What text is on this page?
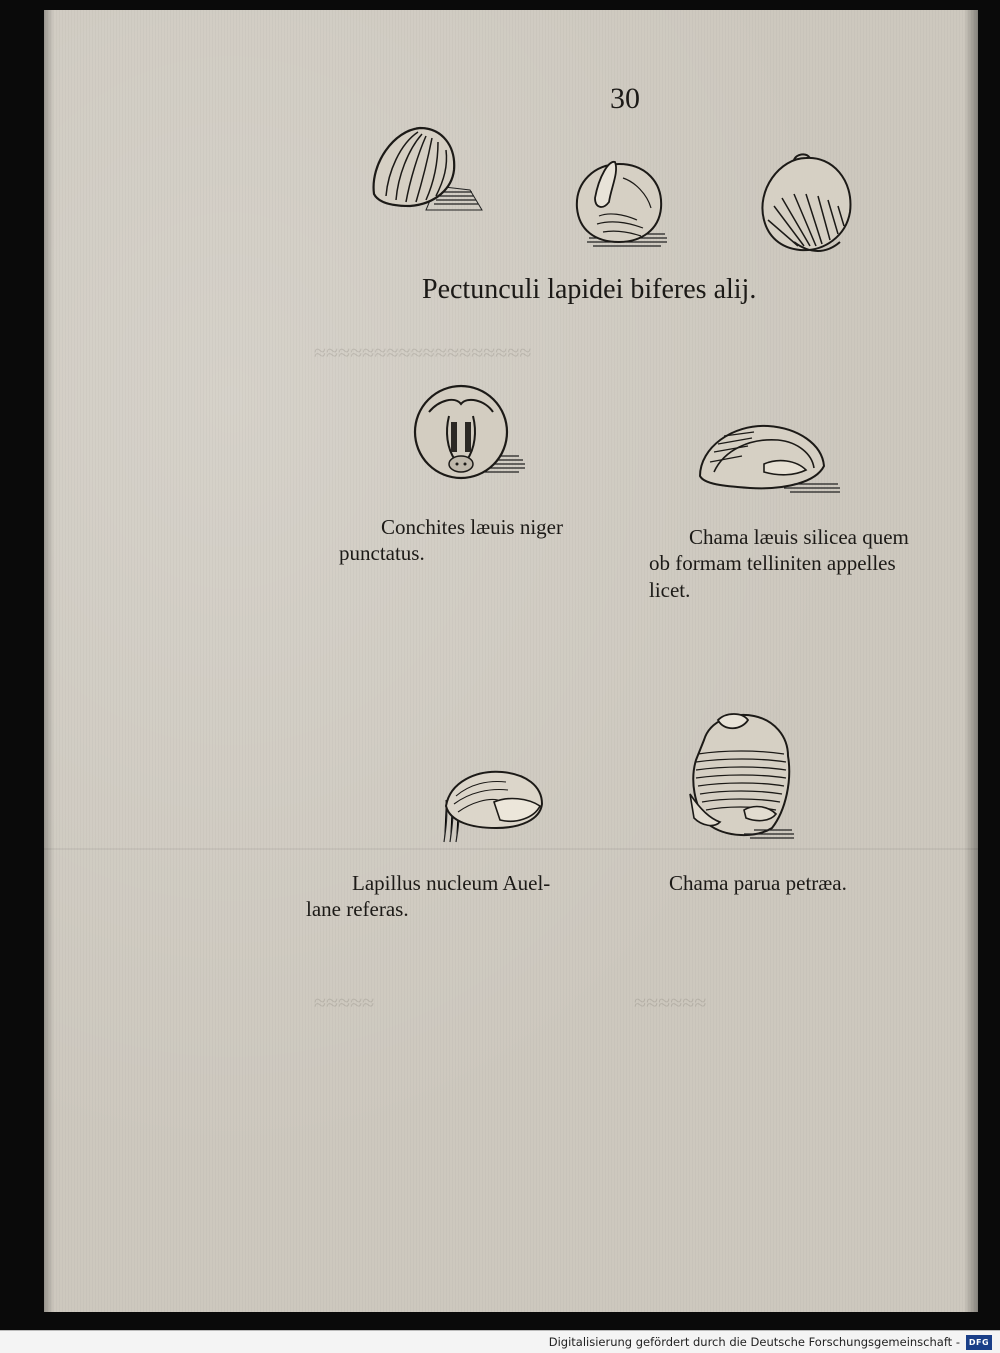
≈≈≈≈≈≈≈≈≈≈≈≈≈≈≈≈≈≈
≈≈≈≈≈≈
≈≈≈≈≈
30
Pectunculi lapidei biferes alij.
Conchites læuis niger
punctatus.
Chama læuis silicea quem
ob formam telliniten appelles
licet.
Lapillus nucleum Auel-
lane referas.
Chama parua petræa.
Digitalisierung gefördert durch die Deutsche Forschungsgemeinschaft -	DFG
